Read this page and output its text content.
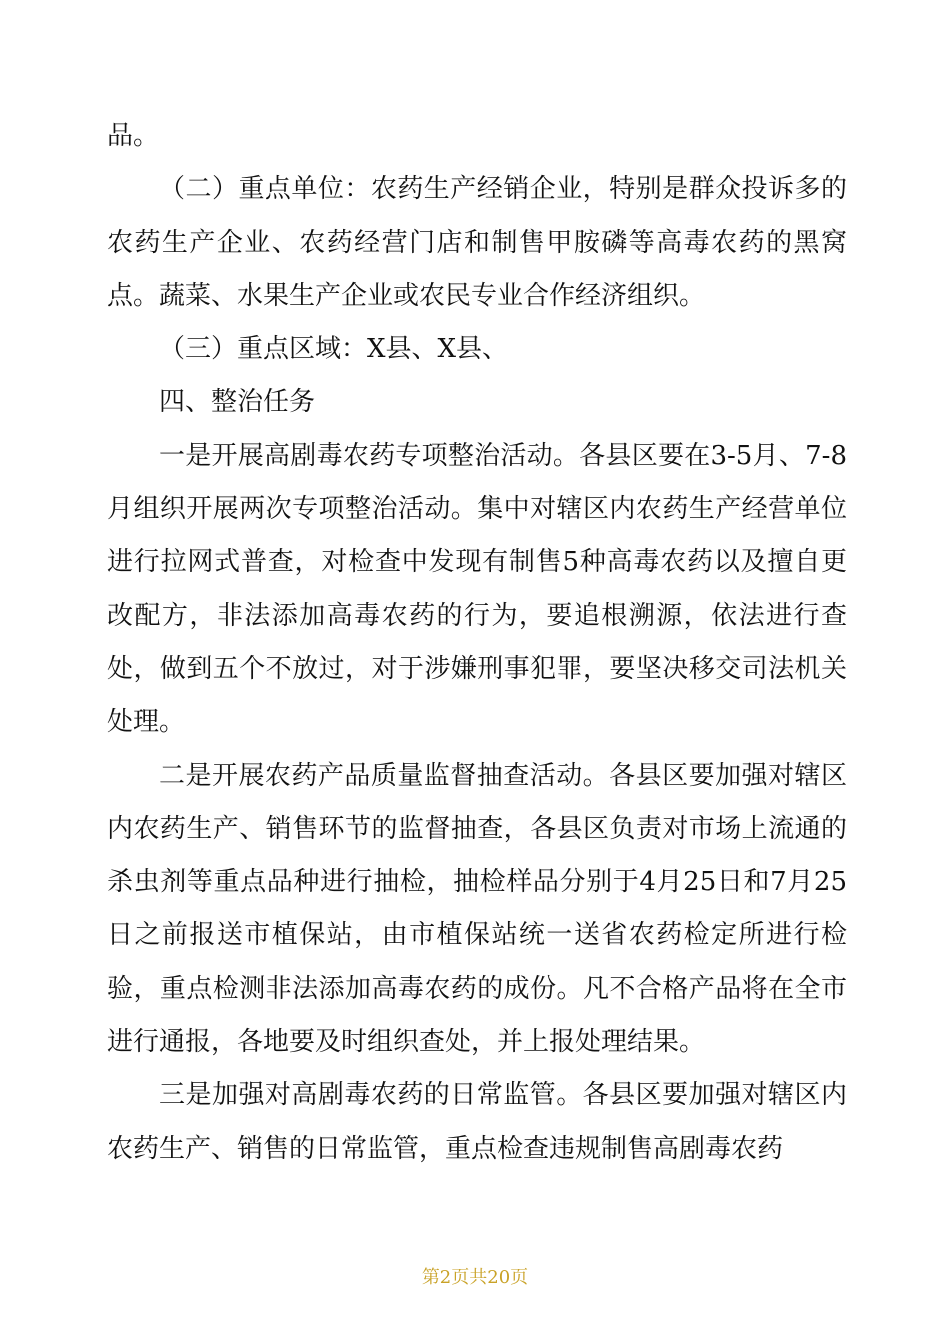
品。

（二）重点单位：农药生产经销企业，特别是群众投诉多的农药生产企业、农药经营门店和制售甲胺磷等高毒农药的黑窝点。蔬菜、水果生产企业或农民专业合作经济组织。

（三）重点区域：X县、X县、

四、整治任务

一是开展高剧毒农药专项整治活动。各县区要在3-5月、7-8月组织开展两次专项整治活动。集中对辖区内农药生产经营单位进行拉网式普查，对检查中发现有制售5种高毒农药以及擅自更改配方，非法添加高毒农药的行为，要追根溯源，依法进行查处，做到五个不放过，对于涉嫌刑事犯罪，要坚决移交司法机关处理。

二是开展农药产品质量监督抽查活动。各县区要加强对辖区内农药生产、销售环节的监督抽查，各县区负责对市场上流通的杀虫剂等重点品种进行抽检，抽检样品分别于4月25日和7月25日之前报送市植保站，由市植保站统一送省农药检定所进行检验，重点检测非法添加高毒农药的成份。凡不合格产品将在全市进行通报，各地要及时组织查处，并上报处理结果。

三是加强对高剧毒农药的日常监管。各县区要加强对辖区内农药生产、销售的日常监管，重点检查违规制售高剧毒农药

第2页共20页
